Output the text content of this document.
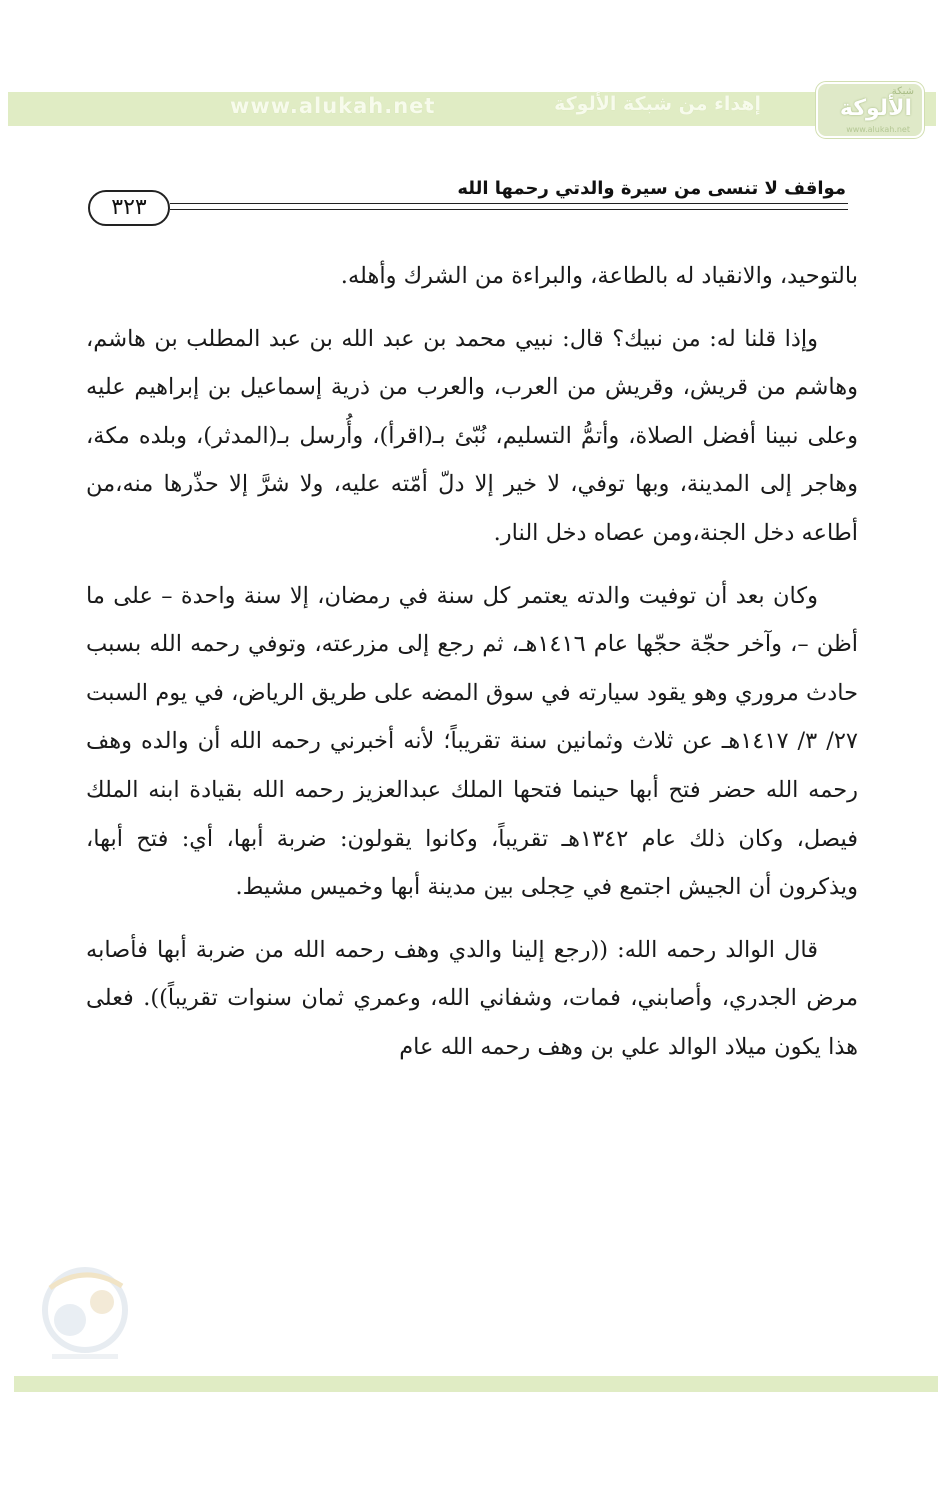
www.alukah.net	إهداء من شبكة الألوكة
شبكة
الألوكة
www.alukah.net
مواقف لا تنسى من سيرة والدتي رحمها الله
٣٢٣

بالتوحيد، والانقياد له بالطاعة، والبراءة من الشرك وأهله.

وإذا قلنا له: من نبيك؟ قال: نبيي محمد بن عبد الله بن عبد المطلب بن هاشم، وهاشم من قريش، وقريش من العرب، والعرب من ذرية إسماعيل بن إبراهيم عليه وعلى نبينا أفضل الصلاة، وأتمُّ التسليم، نُبّئ بـ(اقرأ)، وأُرسل بـ(المدثر)، وبلده مكة، وهاجر إلى المدينة، وبها توفي، لا خير إلا دلّ أمّته عليه، ولا شرَّ إلا حذّرها منه،من أطاعه دخل الجنة،ومن عصاه دخل النار.

وكان بعد أن توفيت والدته يعتمر كل سنة في رمضان، إلا سنة واحدة – على ما أظن –، وآخر حجّة حجّها عام ١٤١٦هـ، ثم رجع إلى مزرعته، وتوفي رحمه الله بسبب حادث مروري وهو يقود سيارته في سوق المضه على طريق الرياض، في يوم السبت ٢٧/ ٣/ ١٤١٧هـ عن ثلاث وثمانين سنة تقريباً؛ لأنه أخبرني رحمه الله أن والده وهف رحمه الله حضر فتح أبها حينما فتحها الملك عبدالعزيز رحمه الله بقيادة ابنه الملك فيصل، وكان ذلك عام ١٣٤٢هـ تقريباً، وكانوا يقولون: ضربة أبها، أي: فتح أبها، ويذكرون أن الجيش اجتمع في حِجلى بين مدينة أبها وخميس مشيط.

قال الوالد رحمه الله: ((رجع إلينا والدي وهف رحمه الله من ضربة أبها فأصابه مرض الجدري، وأصابني، فمات، وشفاني الله، وعمري ثمان سنوات تقريباً)). فعلى هذا يكون ميلاد الوالد علي بن وهف رحمه الله عام
